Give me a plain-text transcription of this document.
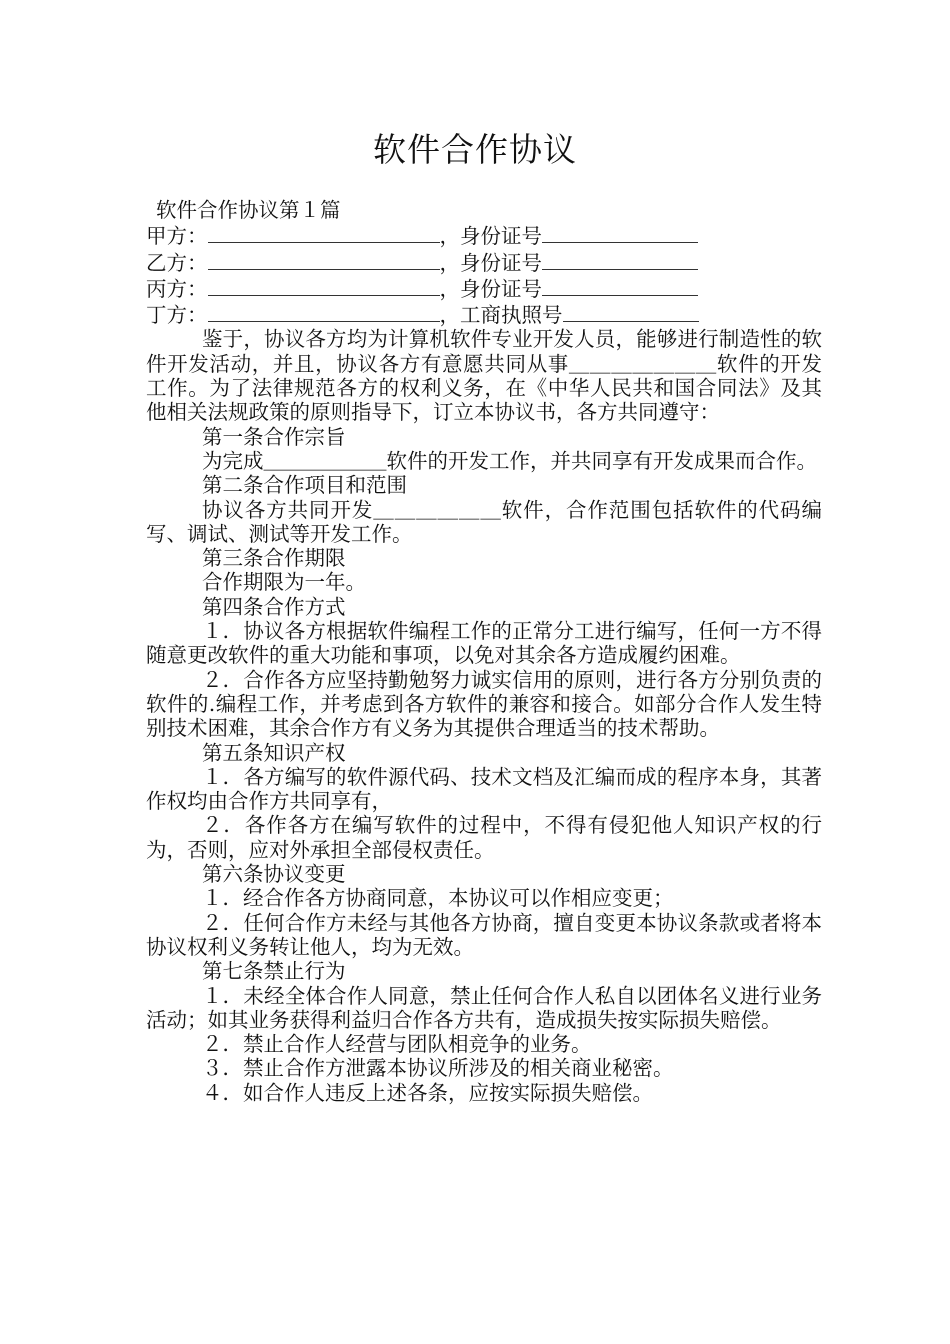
软件合作协议

软件合作协议第１篇

甲方：	，身份证号

乙方：	，身份证号

丙方：	，身份证号

丁方：	，工商执照号

鉴于，协议各方均为计算机软件专业开发人员，能够进行制造性的软件开发活动，并且，协议各方有意愿共同从事＿＿＿＿＿＿＿软件的开发工作。为了法律规范各方的权利义务，在《中华人民共和国合同法》及其他相关法规政策的原则指导下，订立本协议书，各方共同遵守：

第一条合作宗旨

为完成＿＿＿＿＿＿软件的开发工作，并共同享有开发成果而合作。

第二条合作项目和范围

协议各方共同开发＿＿＿＿＿＿软件，合作范围包括软件的代码编写、调试、测试等开发工作。

第三条合作期限

合作期限为一年。

第四条合作方式

１．协议各方根据软件编程工作的正常分工进行编写，任何一方不得随意更改软件的重大功能和事项，以免对其余各方造成履约困难。

２．合作各方应坚持勤勉努力诚实信用的原则，进行各方分别负责的软件的.编程工作，并考虑到各方软件的兼容和接合。如部分合作人发生特别技术困难，其余合作方有义务为其提供合理适当的技术帮助。

第五条知识产权

１．各方编写的软件源代码、技术文档及汇编而成的程序本身，其著作权均由合作方共同享有，

２．各作各方在编写软件的过程中，不得有侵犯他人知识产权的行为，否则，应对外承担全部侵权责任。

第六条协议变更

１．经合作各方协商同意，本协议可以作相应变更；

２．任何合作方未经与其他各方协商，擅自变更本协议条款或者将本协议权利义务转让他人，均为无效。

第七条禁止行为

１．未经全体合作人同意，禁止任何合作人私自以团体名义进行业务活动；如其业务获得利益归合作各方共有，造成损失按实际损失赔偿。

２．禁止合作人经营与团队相竞争的业务。

３．禁止合作方泄露本协议所涉及的相关商业秘密。

４．如合作人违反上述各条，应按实际损失赔偿。
